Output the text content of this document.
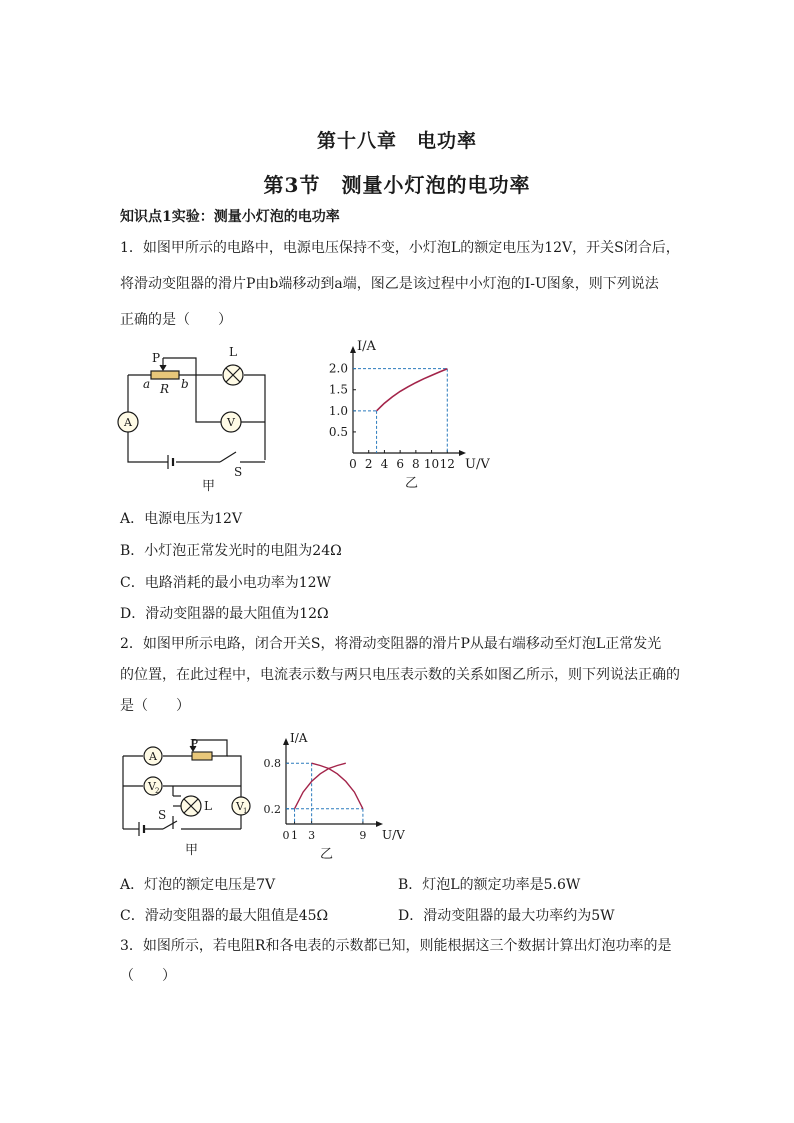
第十八章　电功率
第3节　测量小灯泡的电功率
知识点1实验：测量小灯泡的电功率
1．如图甲所示的电路中，电源电压保持不变，小灯泡L的额定电压为12V，开关S闭合后，
将滑动变阻器的滑片P由b端移动到a端，图乙是该过程中小灯泡的I-U图象，则下列说法
正确的是（　　）
P
a R b
L
A	V
S
甲
0 2 4 6 8 10 12
0.5
1.0
1.5
2.0
I/A
U/V
乙
A．电源电压为12V
B．小灯泡正常发光时的电阻为24Ω
C．电路消耗的最小电功率为12W
D．滑动变阻器的最大阻值为12Ω
2．如图甲所示电路，闭合开关S，将滑动变阻器的滑片P从最右端移动至灯泡L正常发光
的位置，在此过程中，电流表示数与两只电压表示数的关系如图乙所示，则下列说法正确的
是（　　）
A
P
V 2
L V 1
S
甲
0 1 3	9
0.2
0.8
I/A
U/V
乙
A．灯泡的额定电压是7V	B．灯泡L的额定功率是5.6W
C．滑动变阻器的最大阻值是45Ω	D．滑动变阻器的最大功率约为5W
3．如图所示，若电阻R和各电表的示数都已知，则能根据这三个数据计算出灯泡功率的是
（　　）
